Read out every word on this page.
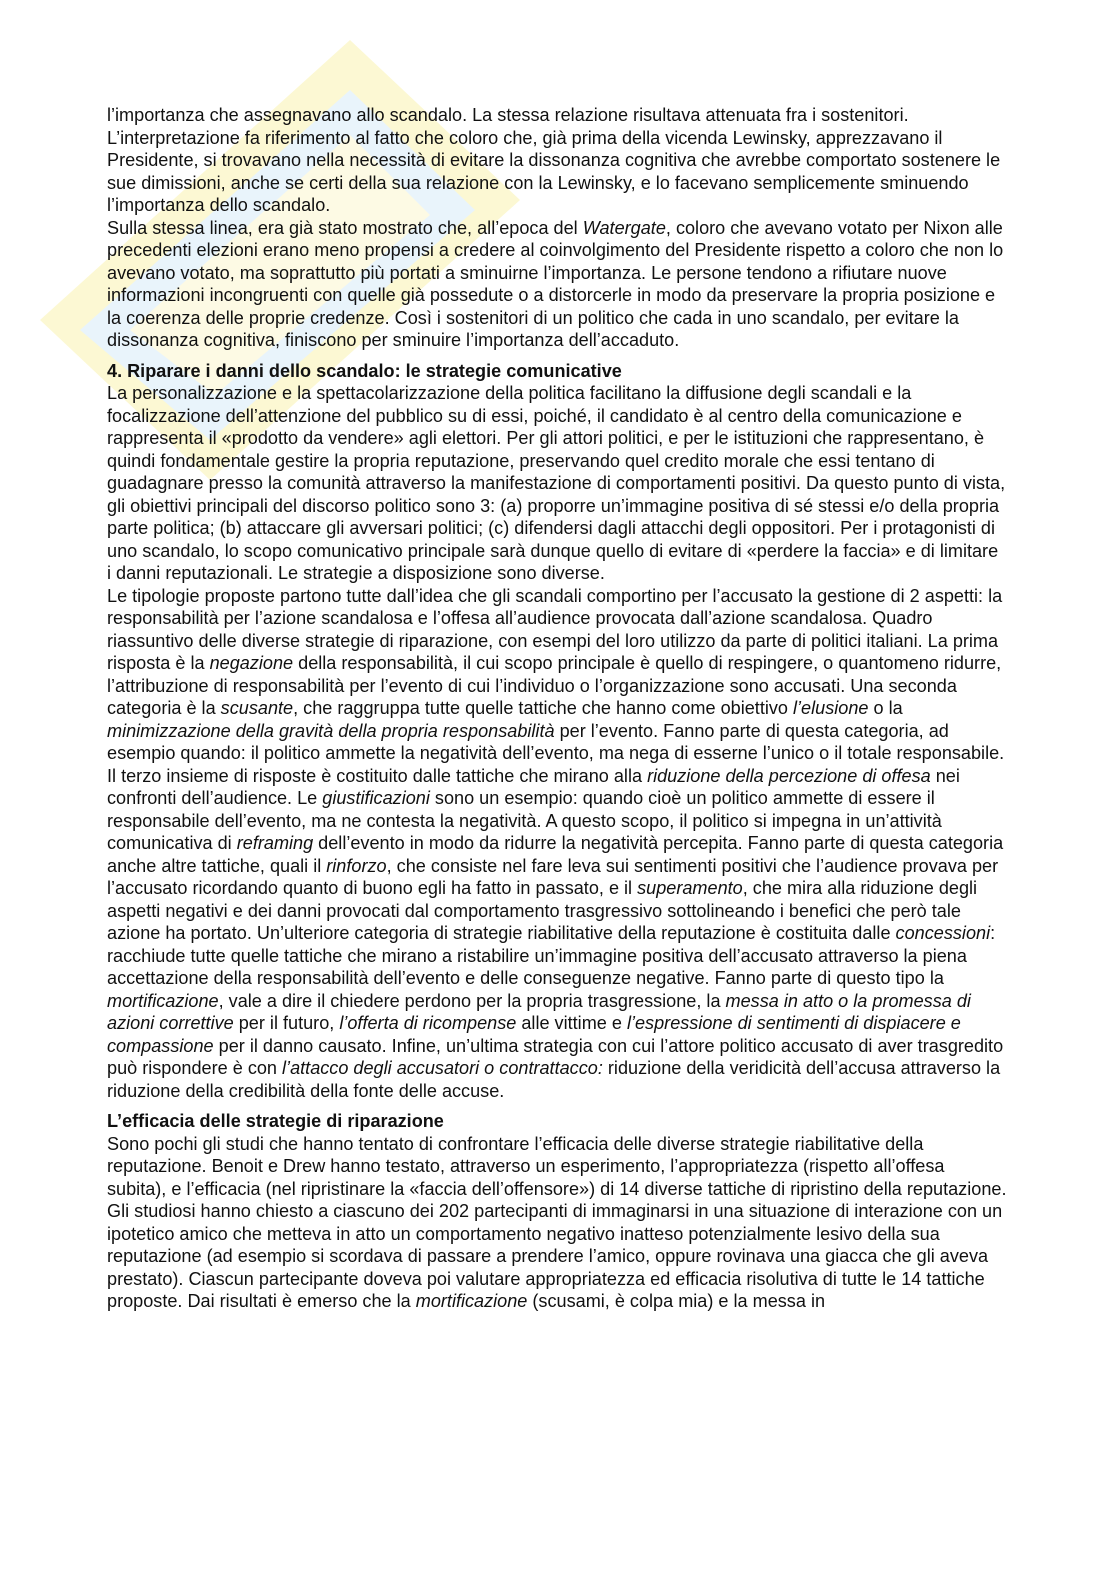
l’importanza che assegnavano allo scandalo. La stessa relazione risultava attenuata fra i sostenitori. L’interpretazione fa riferimento al fatto che coloro che, già prima della vicenda Lewinsky, apprezzavano il Presidente, si trovavano nella necessità di evitare la dissonanza cognitiva che avrebbe comportato sostenere le sue dimissioni, anche se certi della sua relazione con la Lewinsky, e lo facevano semplicemente sminuendo l’importanza dello scandalo.

Sulla stessa linea, era già stato mostrato che, all’epoca del Watergate, coloro che avevano votato per Nixon alle precedenti elezioni erano meno propensi a credere al coinvolgimento del Presidente rispetto a coloro che non lo avevano votato, ma soprattutto più portati a sminuirne l’importanza. Le persone tendono a rifiutare nuove informazioni incongruenti con quelle già possedute o a distorcerle in modo da preservare la propria posizione e la coerenza delle proprie credenze. Così i sostenitori di un politico che cada in uno scandalo, per evitare la dissonanza cognitiva, finiscono per sminuire l’importanza dell’accaduto.

4. Riparare i danni dello scandalo: le strategie comunicative

La personalizzazione e la spettacolarizzazione della politica facilitano la diffusione degli scandali e la focalizzazione dell’attenzione del pubblico su di essi, poiché, il candidato è al centro della comunicazione e rappresenta il «prodotto da vendere» agli elettori. Per gli attori politici, e per le istituzioni che rappresentano, è quindi fondamentale gestire la propria reputazione, preservando quel credito morale che essi tentano di guadagnare presso la comunità attraverso la manifestazione di comportamenti positivi. Da questo punto di vista, gli obiettivi principali del discorso politico sono 3: (a) proporre un’immagine positiva di sé stessi e/o della propria parte politica; (b) attaccare gli avversari politici; (c) difendersi dagli attacchi degli oppositori. Per i protagonisti di uno scandalo, lo scopo comunicativo principale sarà dunque quello di evitare di «perdere la faccia» e di limitare i danni reputazionali. Le strategie a disposizione sono diverse.

Le tipologie proposte partono tutte dall’idea che gli scandali comportino per l’accusato la gestione di 2 aspetti: la responsabilità per l’azione scandalosa e l’offesa all’audience provocata dall’azione scandalosa. Quadro riassuntivo delle diverse strategie di riparazione, con esempi del loro utilizzo da parte di politici italiani. La prima risposta è la negazione della responsabilità, il cui scopo principale è quello di respingere, o quantomeno ridurre, l’attribuzione di responsabilità per l’evento di cui l’individuo o l’organizzazione sono accusati. Una seconda categoria è la scusante, che raggruppa tutte quelle tattiche che hanno come obiettivo l’elusione o la minimizzazione della gravità della propria responsabilità per l’evento. Fanno parte di questa categoria, ad esempio quando: il politico ammette la negatività dell’evento, ma nega di esserne l’unico o il totale responsabile. Il terzo insieme di risposte è costituito dalle tattiche che mirano alla riduzione della percezione di offesa nei confronti dell’audience. Le giustificazioni sono un esempio: quando cioè un politico ammette di essere il responsabile dell’evento, ma ne contesta la negatività. A questo scopo, il politico si impegna in un’attività comunicativa di reframing dell’evento in modo da ridurre la negatività percepita. Fanno parte di questa categoria anche altre tattiche, quali il rinforzo, che consiste nel fare leva sui sentimenti positivi che l’audience provava per l’accusato ricordando quanto di buono egli ha fatto in passato, e il superamento, che mira alla riduzione degli aspetti negativi e dei danni provocati dal comportamento trasgressivo sottolineando i benefici che però tale azione ha portato. Un’ulteriore categoria di strategie riabilitative della reputazione è costituita dalle concessioni: racchiude tutte quelle tattiche che mirano a ristabilire un’immagine positiva dell’accusato attraverso la piena accettazione della responsabilità dell’evento e delle conseguenze negative. Fanno parte di questo tipo la mortificazione, vale a dire il chiedere perdono per la propria trasgressione, la messa in atto o la promessa di azioni correttive per il futuro, l’offerta di ricompense alle vittime e l’espressione di sentimenti di dispiacere e compassione per il danno causato. Infine, un’ultima strategia con cui l’attore politico accusato di aver trasgredito può rispondere è con l’attacco degli accusatori o contrattacco: riduzione della veridicità dell’accusa attraverso la riduzione della credibilità della fonte delle accuse.

L’efficacia delle strategie di riparazione

Sono pochi gli studi che hanno tentato di confrontare l’efficacia delle diverse strategie riabilitative della reputazione. Benoit e Drew hanno testato, attraverso un esperimento, l’appropriatezza (rispetto all’offesa subita), e l’efficacia (nel ripristinare la «faccia dell’offensore») di 14 diverse tattiche di ripristino della reputazione. Gli studiosi hanno chiesto a ciascuno dei 202 partecipanti di immaginarsi in una situazione di interazione con un ipotetico amico che metteva in atto un comportamento negativo inatteso potenzialmente lesivo della sua reputazione (ad esempio si scordava di passare a prendere l’amico, oppure rovinava una giacca che gli aveva prestato). Ciascun partecipante doveva poi valutare appropriatezza ed efficacia risolutiva di tutte le 14 tattiche proposte. Dai risultati è emerso che la mortificazione (scusami, è colpa mia) e la messa in
